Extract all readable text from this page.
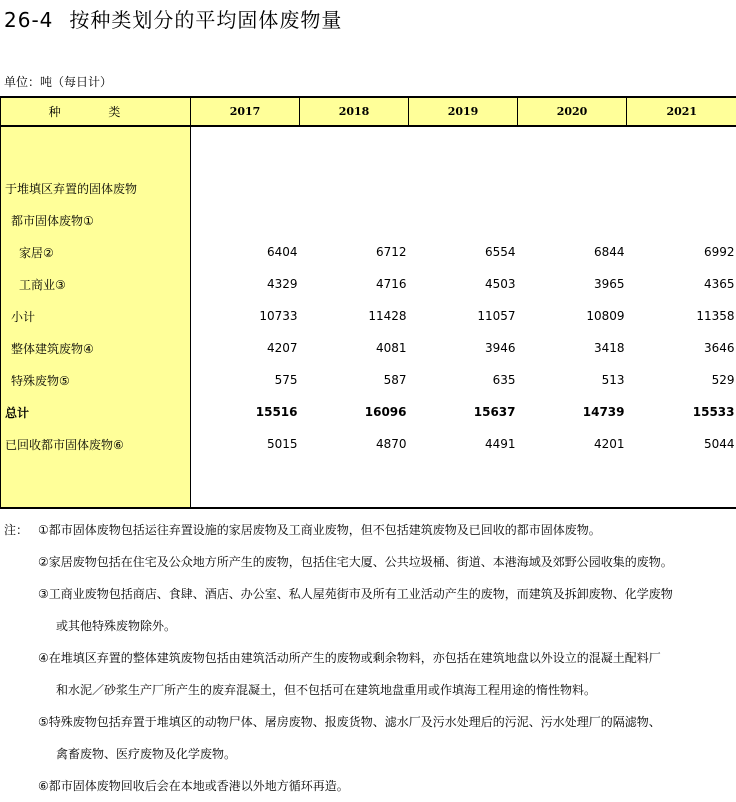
26-4 按种类划分的平均固体废物量
单位：吨（每日计）
种 类	2017	2018	2019	2020	2021

于堆填区弃置的固体废物					
都市固体废物①					
家居②	6404	6712	6554	6844	6992
工商业③	4329	4716	4503	3965	4365
小计	10733	11428	11057	10809	11358
整体建筑废物④	4207	4081	3946	3418	3646
特殊废物⑤	575	587	635	513	529
总计	15516	16096	15637	14739	15533
已回收都市固体废物⑥	5015	4870	4491	4201	5044

注： ①都市固体废物包括运往弃置设施的家居废物及工商业废物，但不包括建筑废物及已回收的都市固体废物。
②家居废物包括在住宅及公众地方所产生的废物，包括住宅大厦、公共垃圾桶、街道、本港海域及郊野公园收集的废物。
③工商业废物包括商店、食肆、酒店、办公室、私人屋苑街市及所有工业活动产生的废物，而建筑及拆卸废物、化学废物
或其他特殊废物除外。
④在堆填区弃置的整体建筑废物包括由建筑活动所产生的废物或剩余物料，亦包括在建筑地盘以外设立的混凝土配料厂
和水泥／砂浆生产厂所产生的废弃混凝土，但不包括可在建筑地盘重用或作填海工程用途的惰性物料。
⑤特殊废物包括弃置于堆填区的动物尸体、屠房废物、报废货物、滤水厂及污水处理后的污泥、污水处理厂的隔滤物、
禽畜废物、医疗废物及化学废物。
⑥都市固体废物回收后会在本地或香港以外地方循环再造。
